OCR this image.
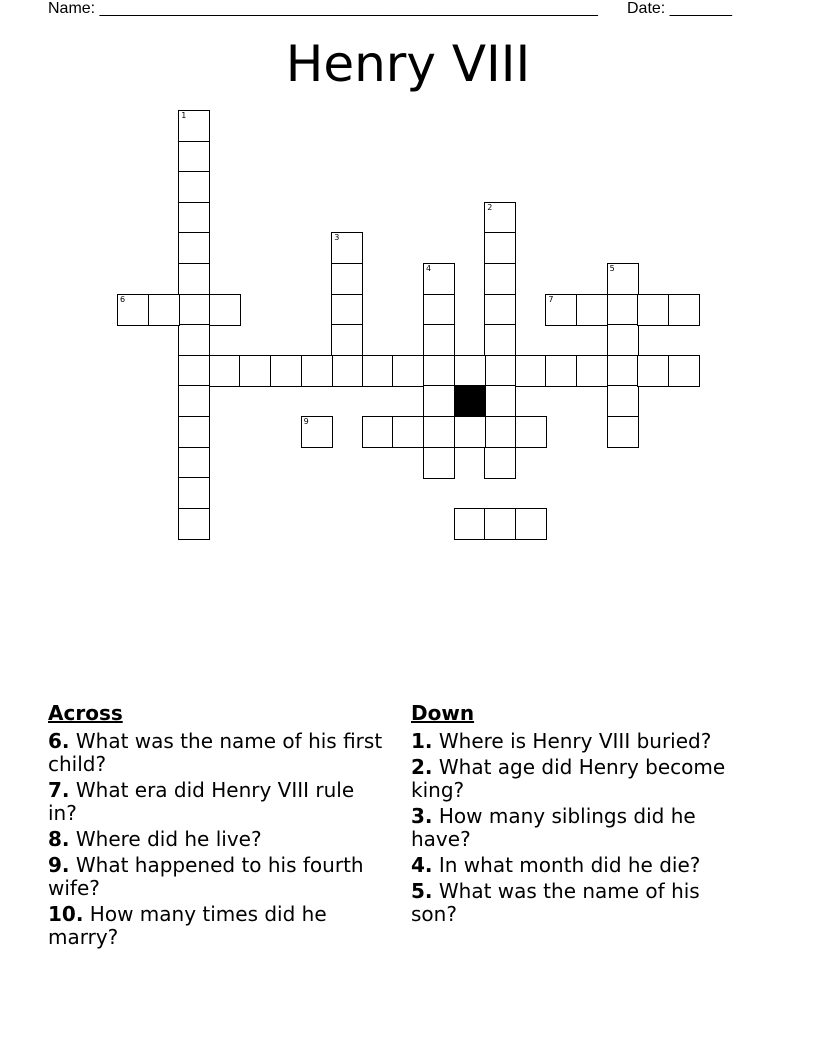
Name: ________________________________________________________ Date: _______
Henry VIII
1
3
4
2
5
6	7
9
Across
6. What was the name of his first child?
7. What era did Henry VIII rule in?
8. Where did he live?
9. What happened to his fourth wife?
10. How many times did he marry?
Down
1. Where is Henry VIII buried?
2. What age did Henry become king?
3. How many siblings did he have?
4. In what month did he die?
5. What was the name of his son?
